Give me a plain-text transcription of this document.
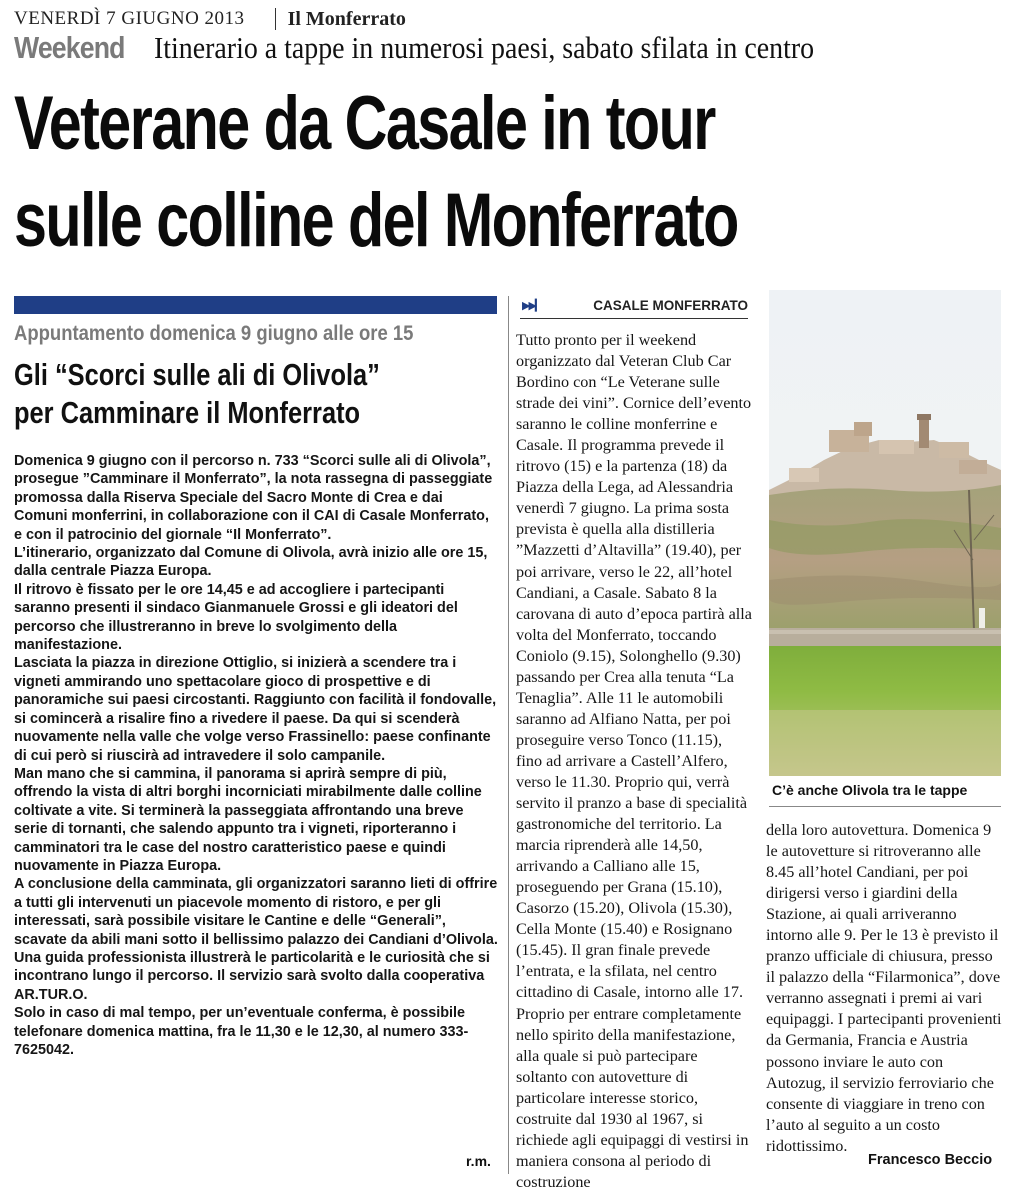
VENERDÌ 7 GIUGNO 2013 Il Monferrato
Weekend Itinerario a tappe in numerosi paesi, sabato sfilata in centro
Veterane da Casale in tour
sulle colline del Monferrato
Appuntamento domenica 9 giugno alle ore 15
Gli “Scorci sulle ali di Olivola”
per Camminare il Monferrato

Domenica 9 giugno con il percorso n. 733 “Scorci sulle ali di Olivola”, prosegue ”Camminare il Monferrato”, la nota rassegna di passeggiate promossa dalla Riserva Speciale del Sacro Monte di Crea e dai Comuni monferrini, in collaborazione con il CAI di Casale Monferrato, e con il patrocinio del giornale “Il Monferrato”.

L’itinerario, organizzato dal Comune di Olivola, avrà inizio alle ore 15, dalla centrale Piazza Europa.

Il ritrovo è fissato per le ore 14,45 e ad accogliere i partecipanti saranno presenti il sindaco Gianmanuele Grossi e gli ideatori del percorso che illustreranno in breve lo svolgimento della manifestazione.

Lasciata la piazza in direzione Ottiglio, si inizierà a scendere tra i vigneti ammirando uno spettacolare gioco di prospettive e di panoramiche sui paesi circostanti. Raggiunto con facilità il fondovalle, si comincerà a risalire fino a rivedere il paese. Da qui si scenderà nuovamente nella valle che volge verso Frassinello: paese confinante di cui però si riuscirà ad intravedere il solo campanile.

Man mano che si cammina, il panorama si aprirà sempre di più, offrendo la vista di altri borghi incorniciati mirabilmente dalle colline coltivate a vite. Si terminerà la passeggiata affrontando una breve serie di tornanti, che salendo appunto tra i vigneti, riporteranno i camminatori tra le case del nostro caratteristico paese e quindi nuovamente in Piazza Europa.

A conclusione della camminata, gli organizzatori saranno lieti di offrire a tutti gli intervenuti un piacevole momento di ristoro, e per gli interessati, sarà possibile visitare le Cantine e delle “Generali”, scavate da abili mani sotto il bellissimo palazzo dei Candiani d’Olivola.

Una guida professionista illustrerà le particolarità e le curiosità che si incontrano lungo il percorso. Il servizio sarà svolto dalla cooperativa AR.TUR.O.

Solo in caso di mal tempo, per un’eventuale conferma, è possibile telefonare domenica mattina, fra le 11,30 e le 12,30, al numero 333-7625042.

r.m.
▶▶▎	CASALE MONFERRATO

Tutto pronto per il weekend organizzato dal Veteran Club Car Bordino con “Le Veterane sulle strade dei vini”. Cornice dell’evento saranno le colline monferrine e Casale. Il programma prevede il ritrovo (15) e la partenza (18) da Piazza della Lega, ad Alessandria venerdì 7 giugno. La prima sosta prevista è quella alla distilleria ”Mazzetti d’Altavilla” (19.40), per poi arrivare, verso le 22, all’hotel Candiani, a Casale. Sabato 8 la carovana di auto d’epoca partirà alla volta del Monferrato, toccando Coniolo (9.15), Solonghello (9.30) passando per Crea alla tenuta “La Tenaglia”. Alle 11 le automobili saranno ad Alfiano Natta, per poi proseguire verso Tonco (11.15), fino ad arrivare a Castell’Alfero, verso le 11.30. Proprio qui, verrà servito il pranzo a base di specialità gastronomiche del territorio. La marcia riprenderà alle 14,50, arrivando a Calliano alle 15, proseguendo per Grana (15.10), Casorzo (15.20), Olivola (15.30), Cella Monte (15.40) e Rosignano (15.45). Il gran finale prevede l’entrata, e la sfilata, nel centro cittadino di Casale, intorno alle 17. Proprio per entrare completamente nello spirito della manifestazione, alla quale si può partecipare soltanto con autovetture di particolare interesse storico, costruite dal 1930 al 1967, si richiede agli equipaggi di vestirsi in maniera consona al periodo di costruzione

C’è anche Olivola tra le tappe

della loro autovettura. Domenica 9 le autovetture si ritroveranno alle 8.45 all’hotel Candiani, per poi dirigersi verso i giardini della Stazione, ai quali arriveranno intorno alle 9. Per le 13 è previsto il pranzo ufficiale di chiusura, presso il palazzo della “Filarmonica”, dove verranno assegnati i premi ai vari equipaggi. I partecipanti provenienti da Germania, Francia e Austria possono inviare le auto con Autozug, il servizio ferroviario che consente di viaggiare in treno con l’auto al seguito a un costo ridottissimo.

Francesco Beccio
